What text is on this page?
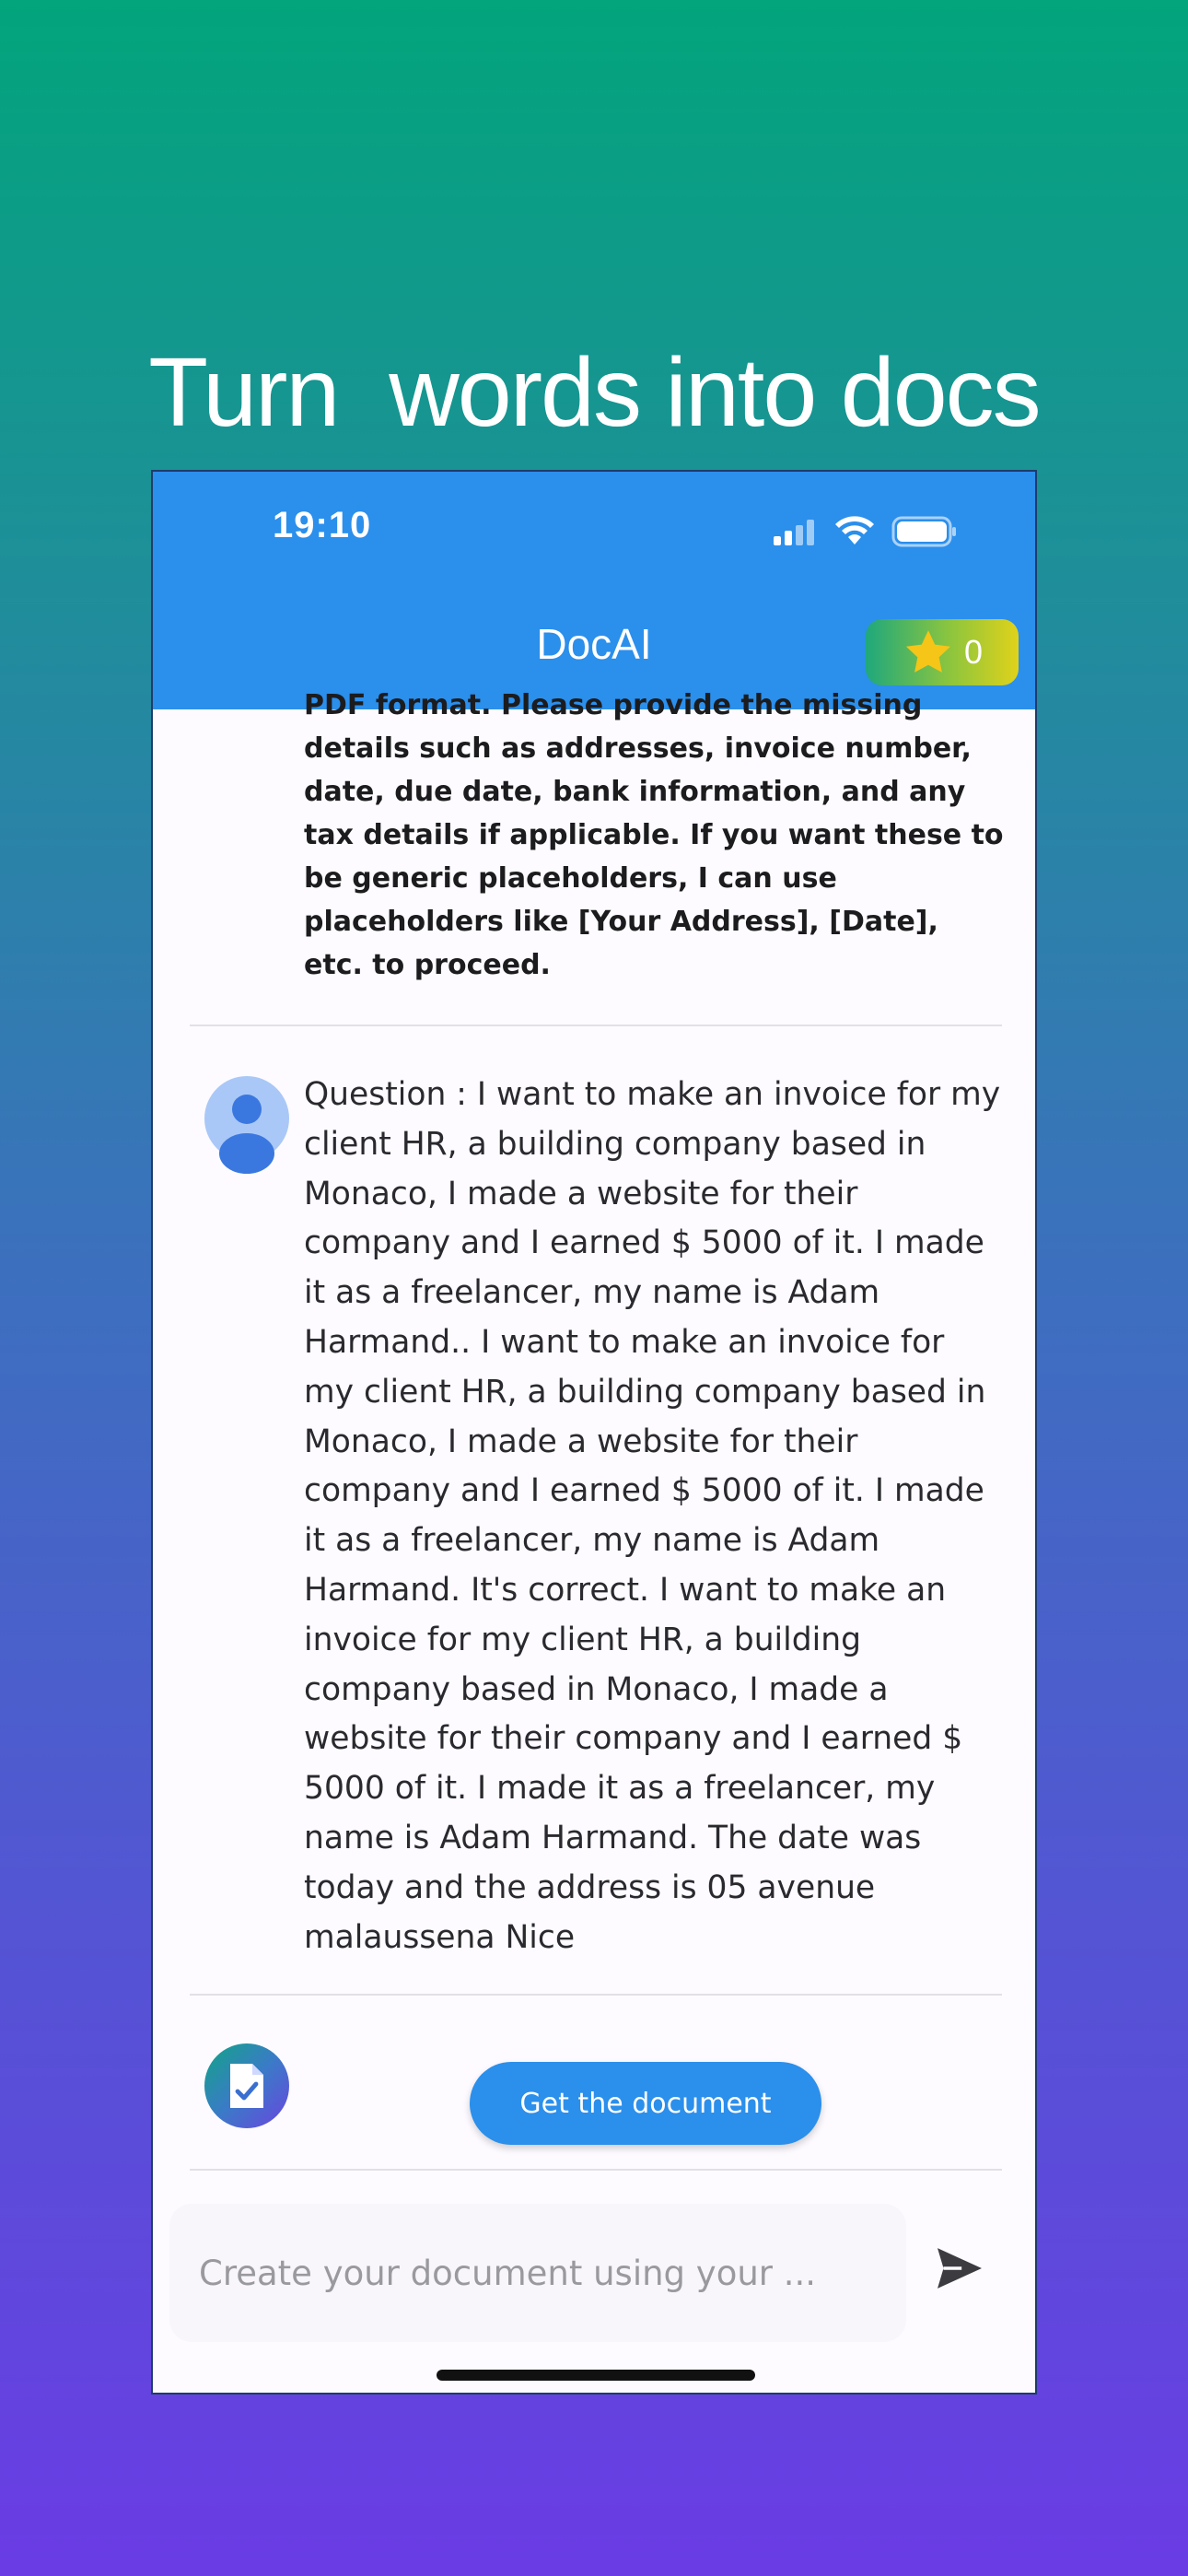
Turn  words into docs
19:10
DocAI	0
PDF format. Please provide the missing details such as addresses, invoice number, date, due date, bank information, and any tax details if applicable. If you want these to be generic placeholders, I can use placeholders like [Your Address], [Date], etc. to proceed.
Question : I want to make an invoice for my client HR, a building company based in Monaco, I made a website for their company and I earned $ 5000 of it. I made it as a freelancer, my name is Adam Harmand.. I want to make an invoice for my client HR, a building company based in Monaco, I made a website for their company and I earned $ 5000 of it. I made it as a freelancer, my name is Adam Harmand. It's correct. I want to make an invoice for my client HR, a building company based in Monaco, I made a website for their company and I earned $ 5000 of it. I made it as a freelancer, my name is Adam Harmand. The date was today and the address is 05 avenue malaussena Nice
Get the document
Create your document using your ...
